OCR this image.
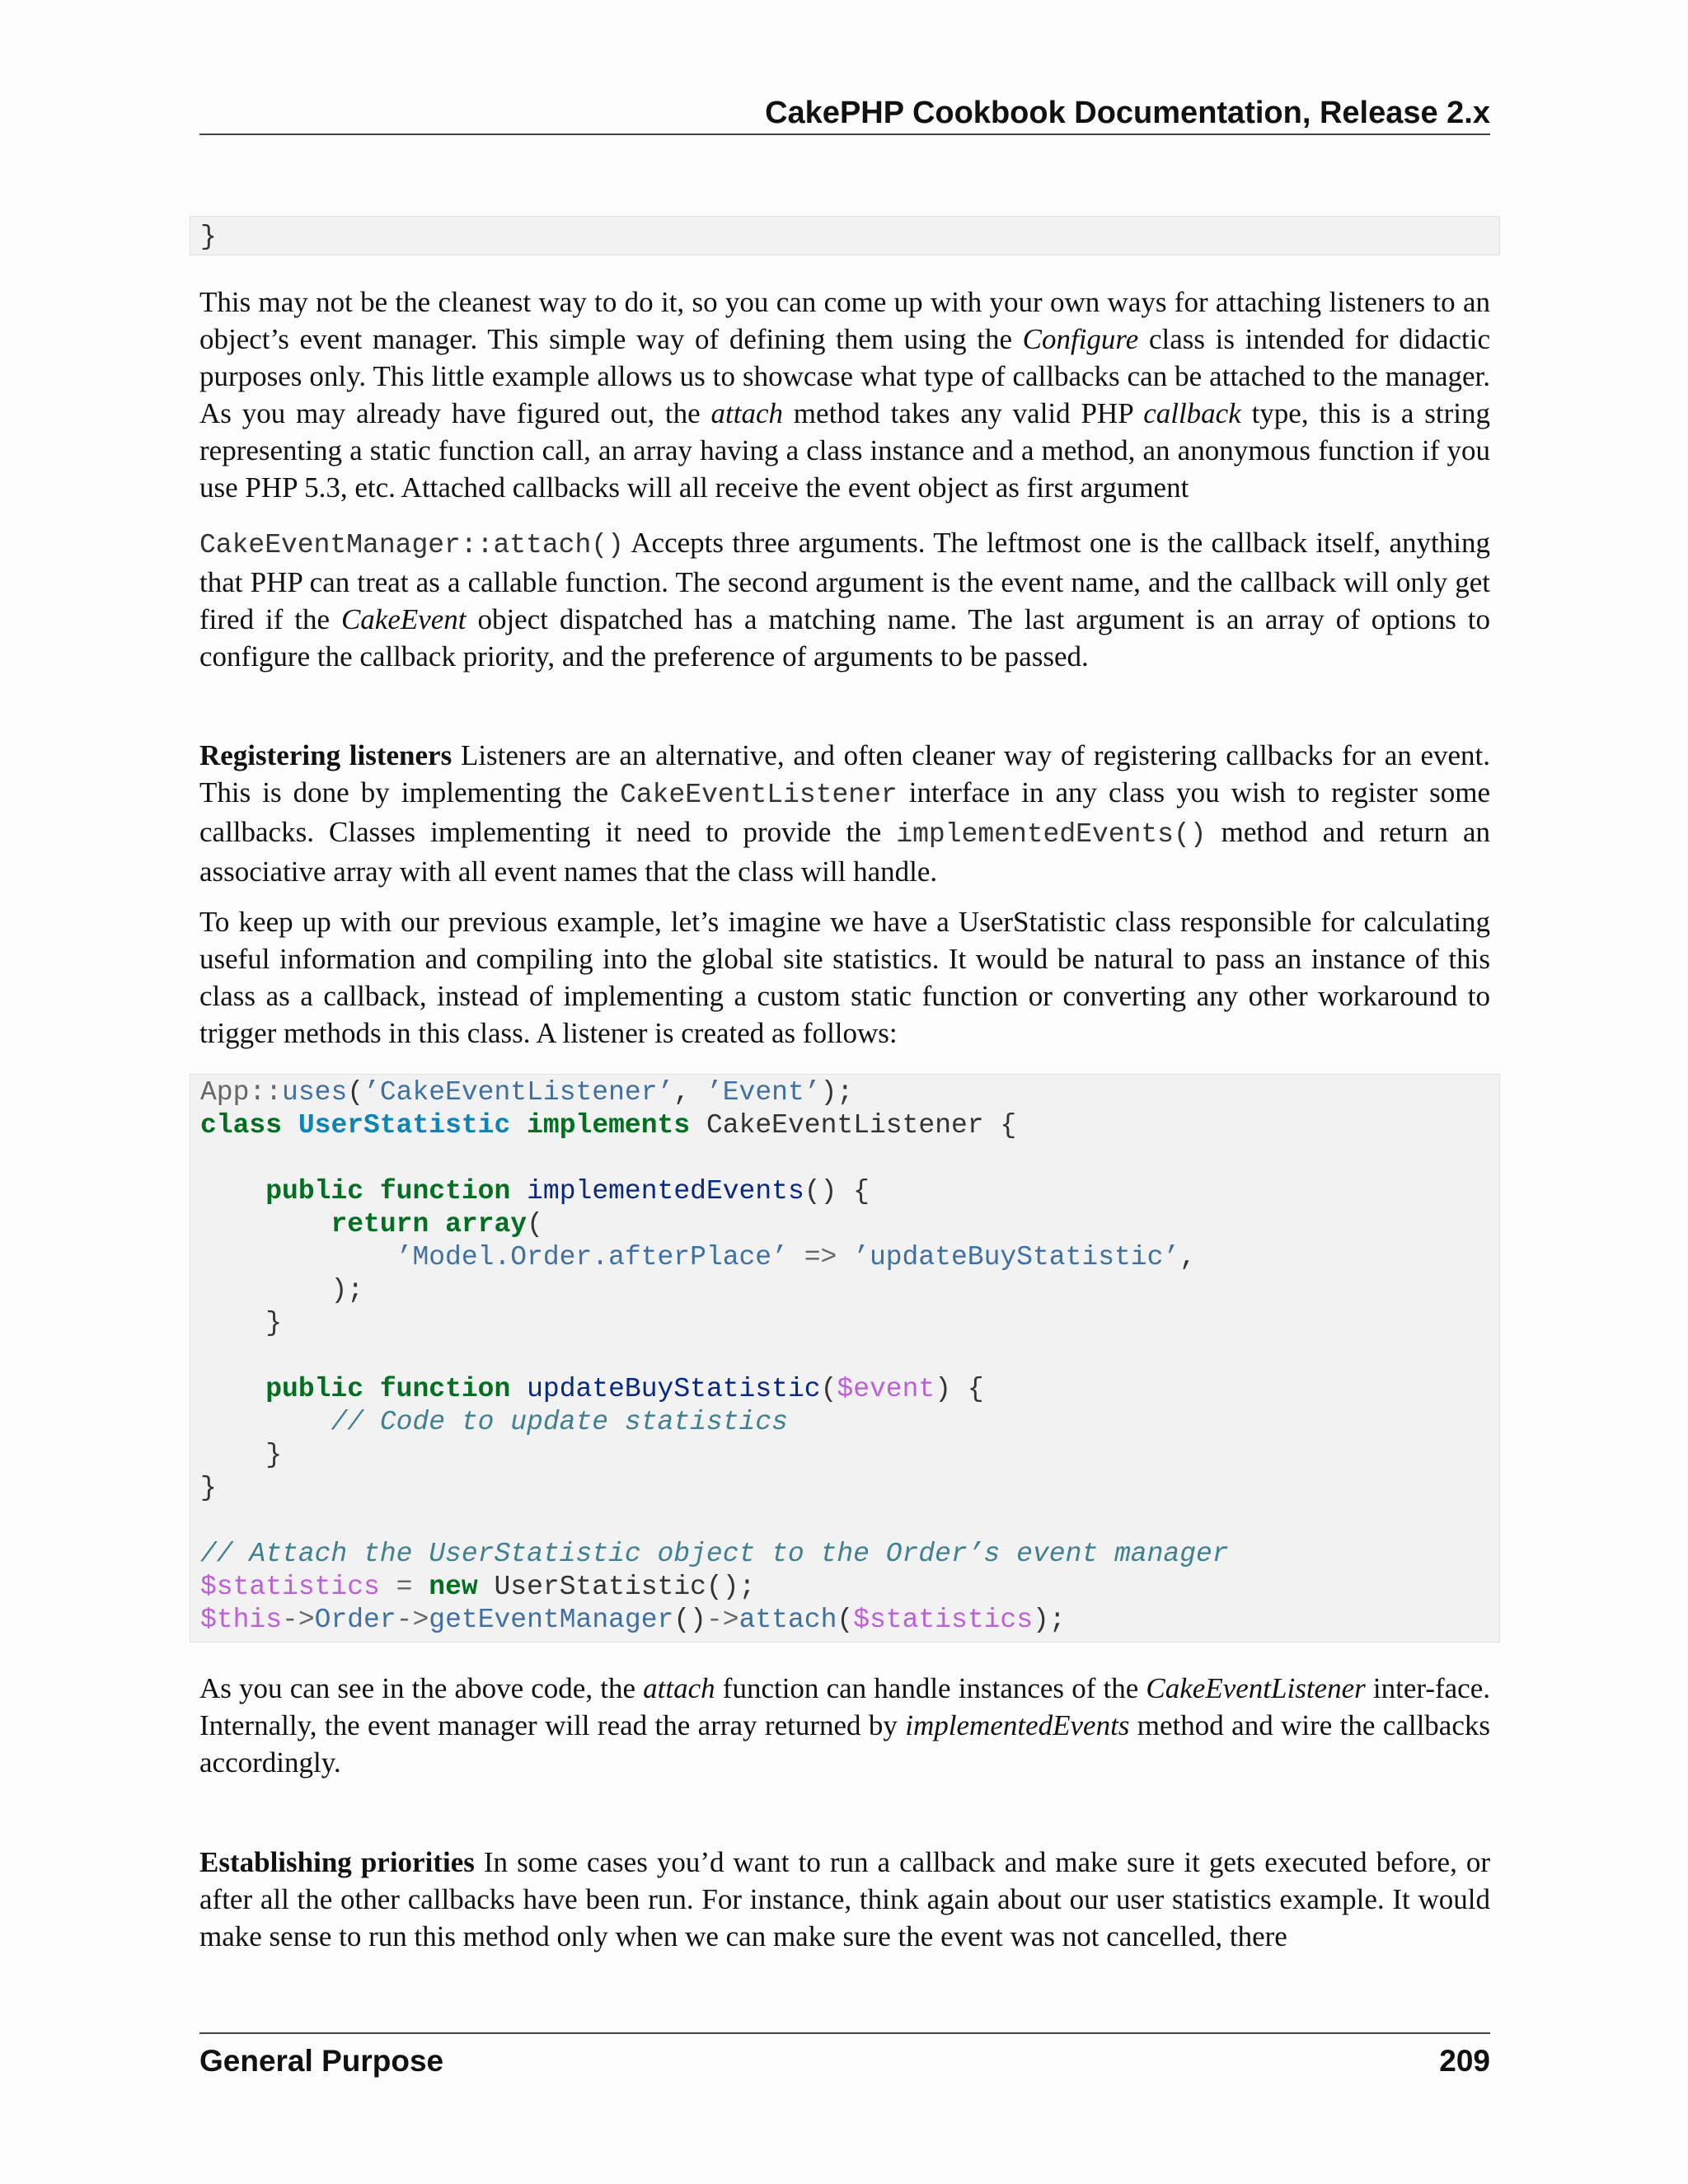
CakePHP Cookbook Documentation, Release 2.x
}

This may not be the cleanest way to do it, so you can come up with your own ways for attaching listeners to an object’s event manager. This simple way of defining them using the Configure class is intended for didactic purposes only. This little example allows us to showcase what type of callbacks can be attached to the manager. As you may already have figured out, the attach method takes any valid PHP callback type, this is a string representing a static function call, an array having a class instance and a method, an anonymous function if you use PHP 5.3, etc. Attached callbacks will all receive the event object as first argument

CakeEventManager::attach() Accepts three arguments. The leftmost one is the callback itself, anything that PHP can treat as a callable function. The second argument is the event name, and the callback will only get fired if the CakeEvent object dispatched has a matching name. The last argument is an array of options to configure the callback priority, and the preference of arguments to be passed.

Registering listeners Listeners are an alternative, and often cleaner way of registering callbacks for an event. This is done by implementing the CakeEventListener interface in any class you wish to register some callbacks. Classes implementing it need to provide the implementedEvents() method and return an associative array with all event names that the class will handle.

To keep up with our previous example, let’s imagine we have a UserStatistic class responsible for calculating useful information and compiling into the global site statistics. It would be natural to pass an instance of this class as a callback, instead of implementing a custom static function or converting any other workaround to trigger methods in this class. A listener is created as follows:

App::uses(’CakeEventListener’, ’Event’);
class UserStatistic implements CakeEventListener {

public function implementedEvents() {
return array(
’Model.Order.afterPlace’ => ’updateBuyStatistic’,
);
}

public function updateBuyStatistic($event) {
// Code to update statistics
}
}

// Attach the UserStatistic object to the Order’s event manager
$statistics = new UserStatistic();
$this->Order->getEventManager()->attach($statistics);

As you can see in the above code, the attach function can handle instances of the CakeEventListener inter-face. Internally, the event manager will read the array returned by implementedEvents method and wire the callbacks accordingly.

Establishing priorities In some cases you’d want to run a callback and make sure it gets executed before, or after all the other callbacks have been run. For instance, think again about our user statistics example. It would make sense to run this method only when we can make sure the event was not cancelled, there

General Purpose	209
